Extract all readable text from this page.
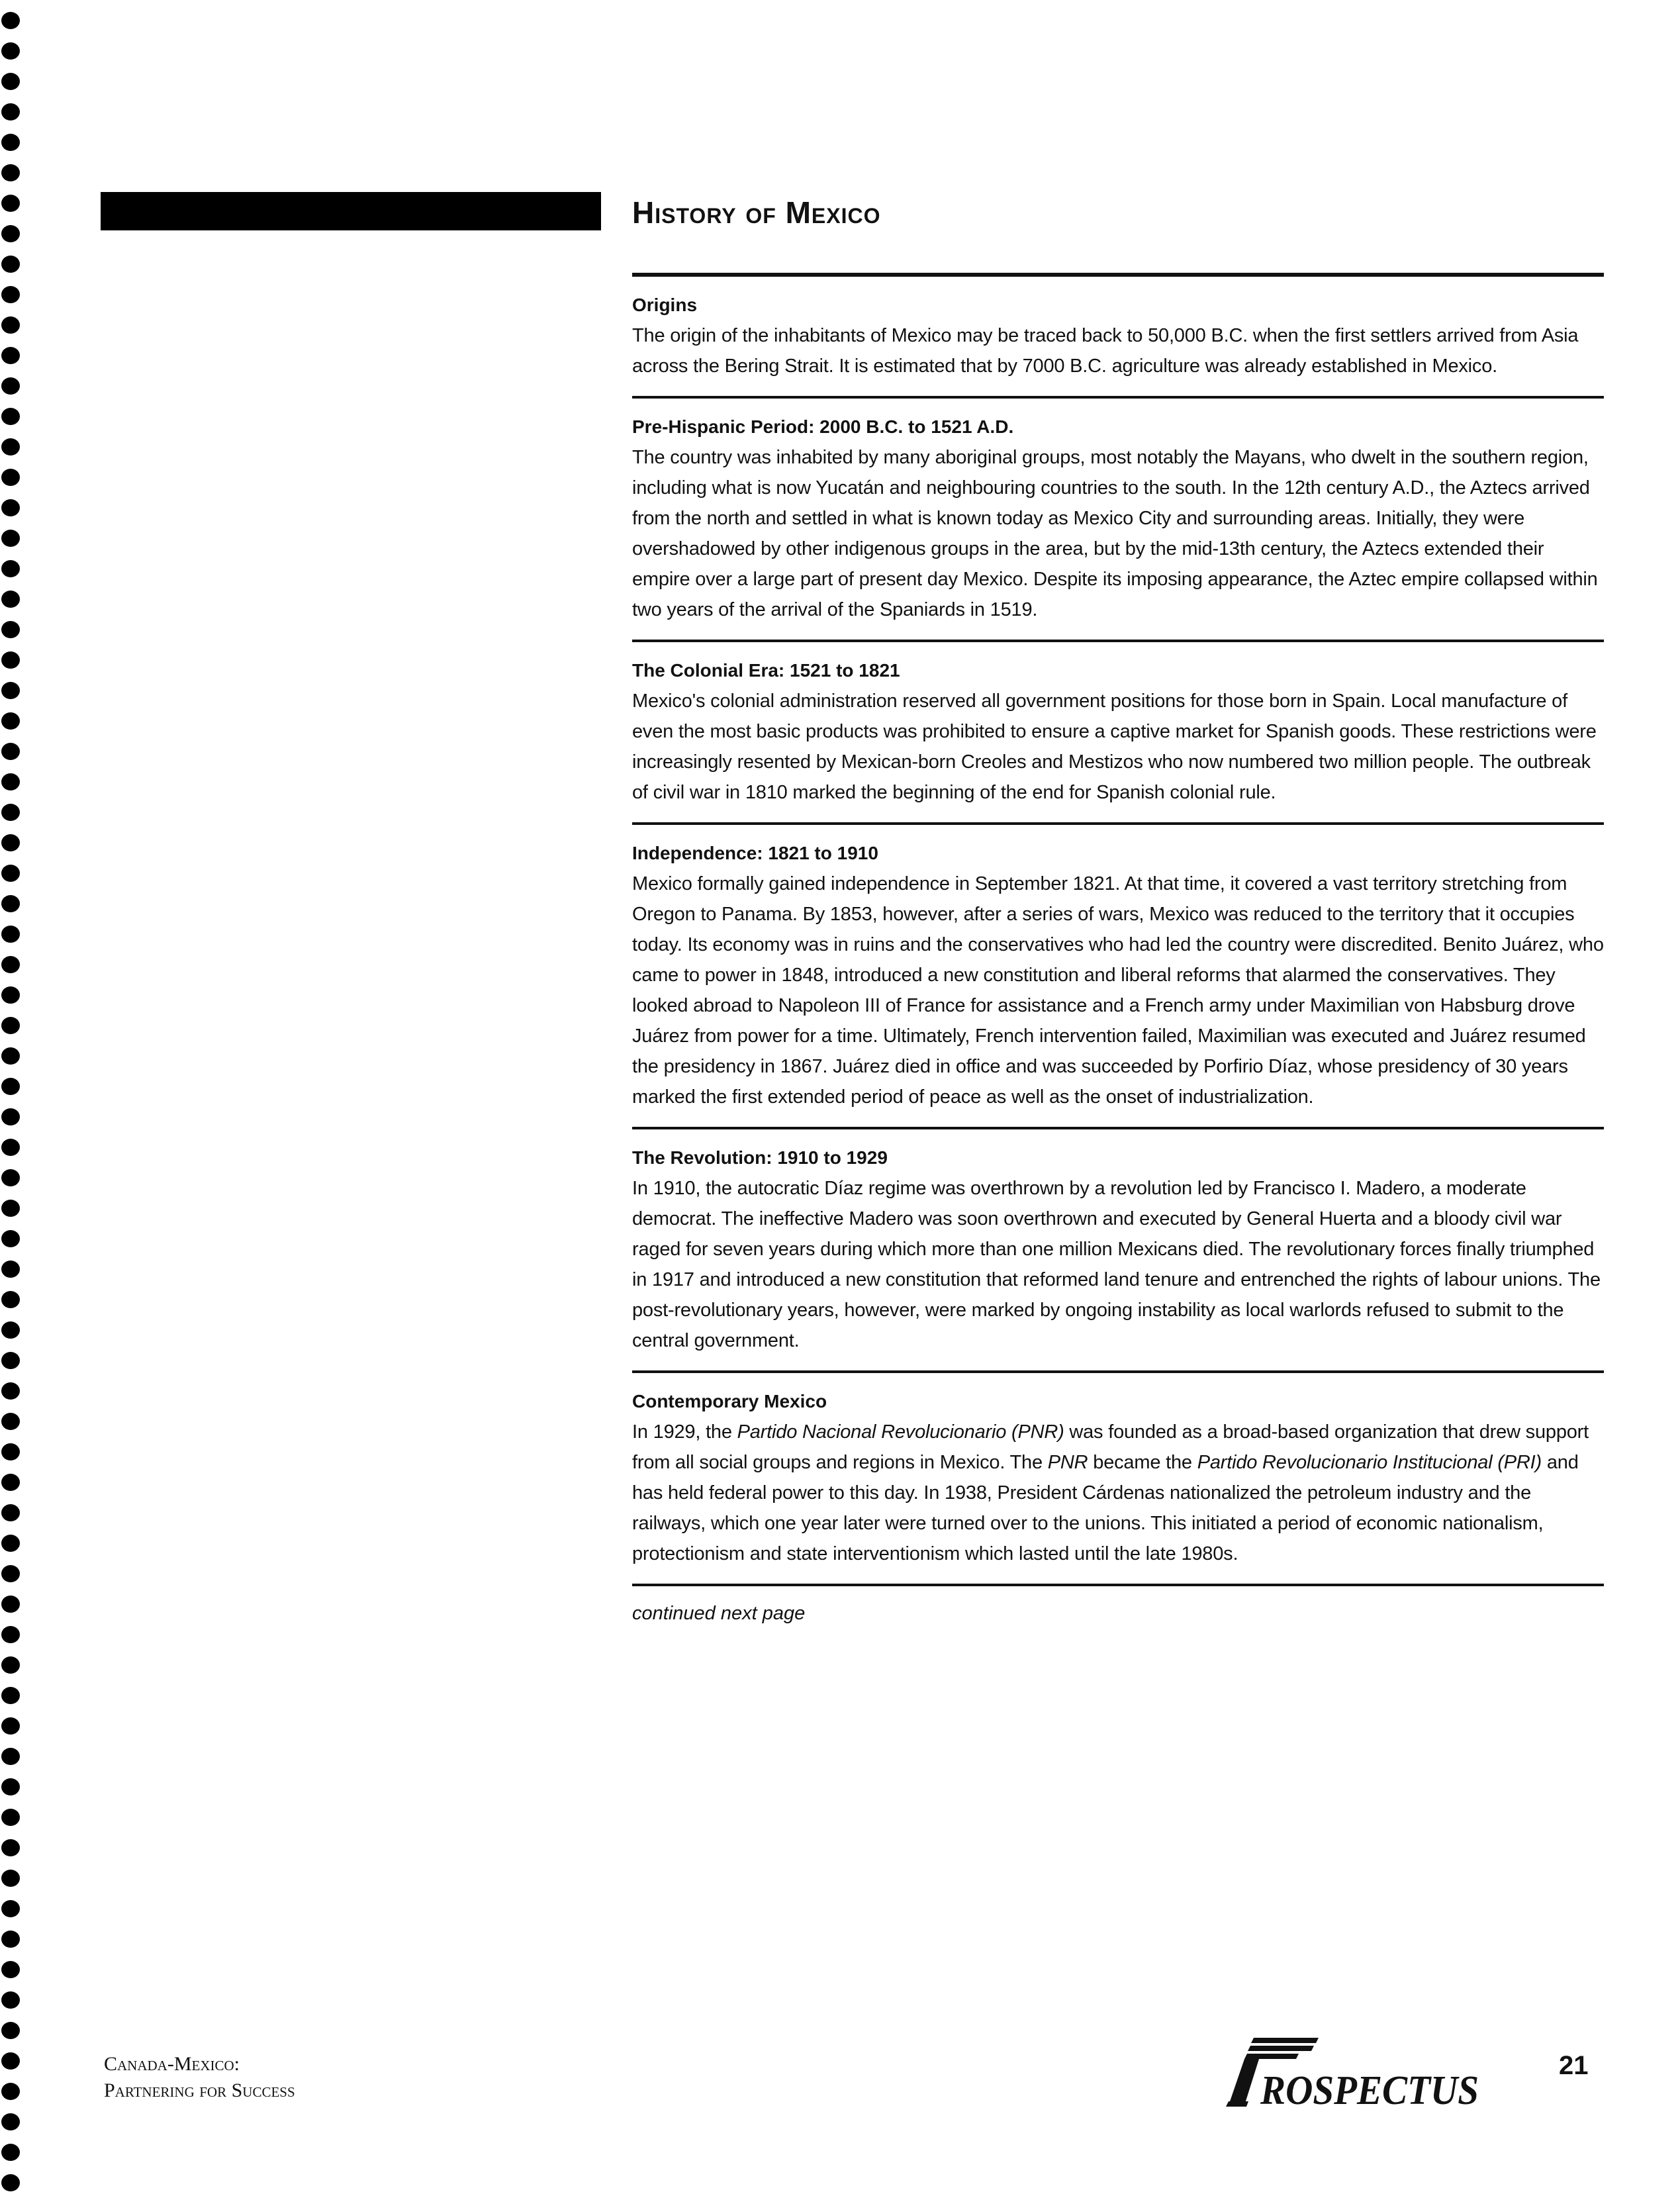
History of Mexico
Origins

The origin of the inhabitants of Mexico may be traced back to 50,000 B.C. when the first settlers arrived from Asia across the Bering Strait. It is estimated that by 7000 B.C. agriculture was already established in Mexico.

Pre-Hispanic Period: 2000 B.C. to 1521 A.D.

The country was inhabited by many aboriginal groups, most notably the Mayans, who dwelt in the southern region, including what is now Yucatán and neighbouring countries to the south. In the 12th century A.D., the Aztecs arrived from the north and settled in what is known today as Mexico City and surrounding areas. Initially, they were overshadowed by other indigenous groups in the area, but by the mid-13th century, the Aztecs extended their empire over a large part of present day Mexico. Despite its imposing appearance, the Aztec empire collapsed within two years of the arrival of the Spaniards in 1519.

The Colonial Era: 1521 to 1821

Mexico's colonial administration reserved all government positions for those born in Spain. Local manufacture of even the most basic products was prohibited to ensure a captive market for Spanish goods. These restrictions were increasingly resented by Mexican-born Creoles and Mestizos who now numbered two million people. The outbreak of civil war in 1810 marked the beginning of the end for Spanish colonial rule.

Independence: 1821 to 1910

Mexico formally gained independence in September 1821. At that time, it covered a vast territory stretching from Oregon to Panama. By 1853, however, after a series of wars, Mexico was reduced to the territory that it occupies today. Its economy was in ruins and the conservatives who had led the country were discredited. Benito Juárez, who came to power in 1848, introduced a new constitution and liberal reforms that alarmed the conservatives. They looked abroad to Napoleon III of France for assistance and a French army under Maximilian von Habsburg drove Juárez from power for a time. Ultimately, French intervention failed, Maximilian was executed and Juárez resumed the presidency in 1867. Juárez died in office and was succeeded by Porfirio Díaz, whose presidency of 30 years marked the first extended period of peace as well as the onset of industrialization.

The Revolution: 1910 to 1929

In 1910, the autocratic Díaz regime was overthrown by a revolution led by Francisco I. Madero, a moderate democrat. The ineffective Madero was soon overthrown and executed by General Huerta and a bloody civil war raged for seven years during which more than one million Mexicans died. The revolutionary forces finally triumphed in 1917 and introduced a new constitution that reformed land tenure and entrenched the rights of labour unions. The post-revolutionary years, however, were marked by ongoing instability as local warlords refused to submit to the central government.

Contemporary Mexico

In 1929, the Partido Nacional Revolucionario (PNR) was founded as a broad-based organization that drew support from all social groups and regions in Mexico. The PNR became the Partido Revolucionario Institucional (PRI) and has held federal power to this day. In 1938, President Cárdenas nationalized the petroleum industry and the railways, which one year later were turned over to the unions. This initiated a period of economic nationalism, protectionism and state interventionism which lasted until the late 1980s.

continued next page

Canada-Mexico:
Partnering for Success	ROSPECTUS
21
